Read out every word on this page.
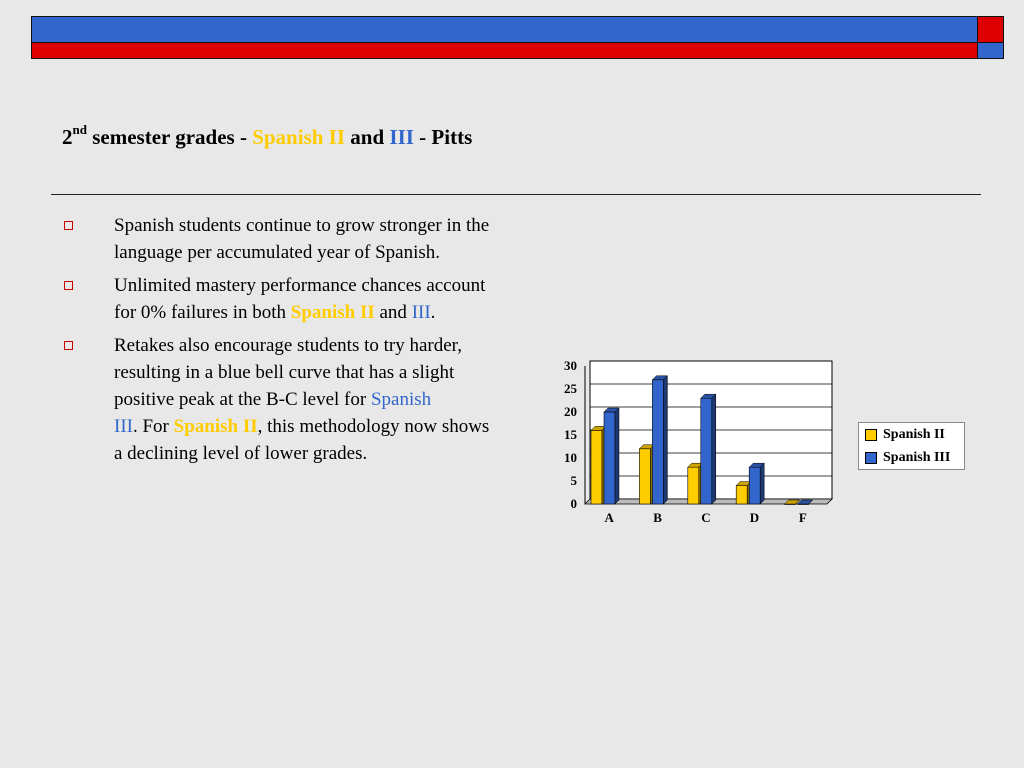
2nd semester grades - Spanish II and III - Pitts
Spanish students continue to grow stronger in the language per accumulated year of Spanish.
Unlimited mastery performance chances account for 0% failures in both Spanish II and III.
Retakes also encourage students to try harder, resulting in a blue bell curve that has a slight positive peak at the B-C level for Spanish III. For Spanish II, this methodology now shows a declining level of lower grades.
0
5
10
15
20
25
30
A	B	C	D	F
Spanish II
Spanish III
